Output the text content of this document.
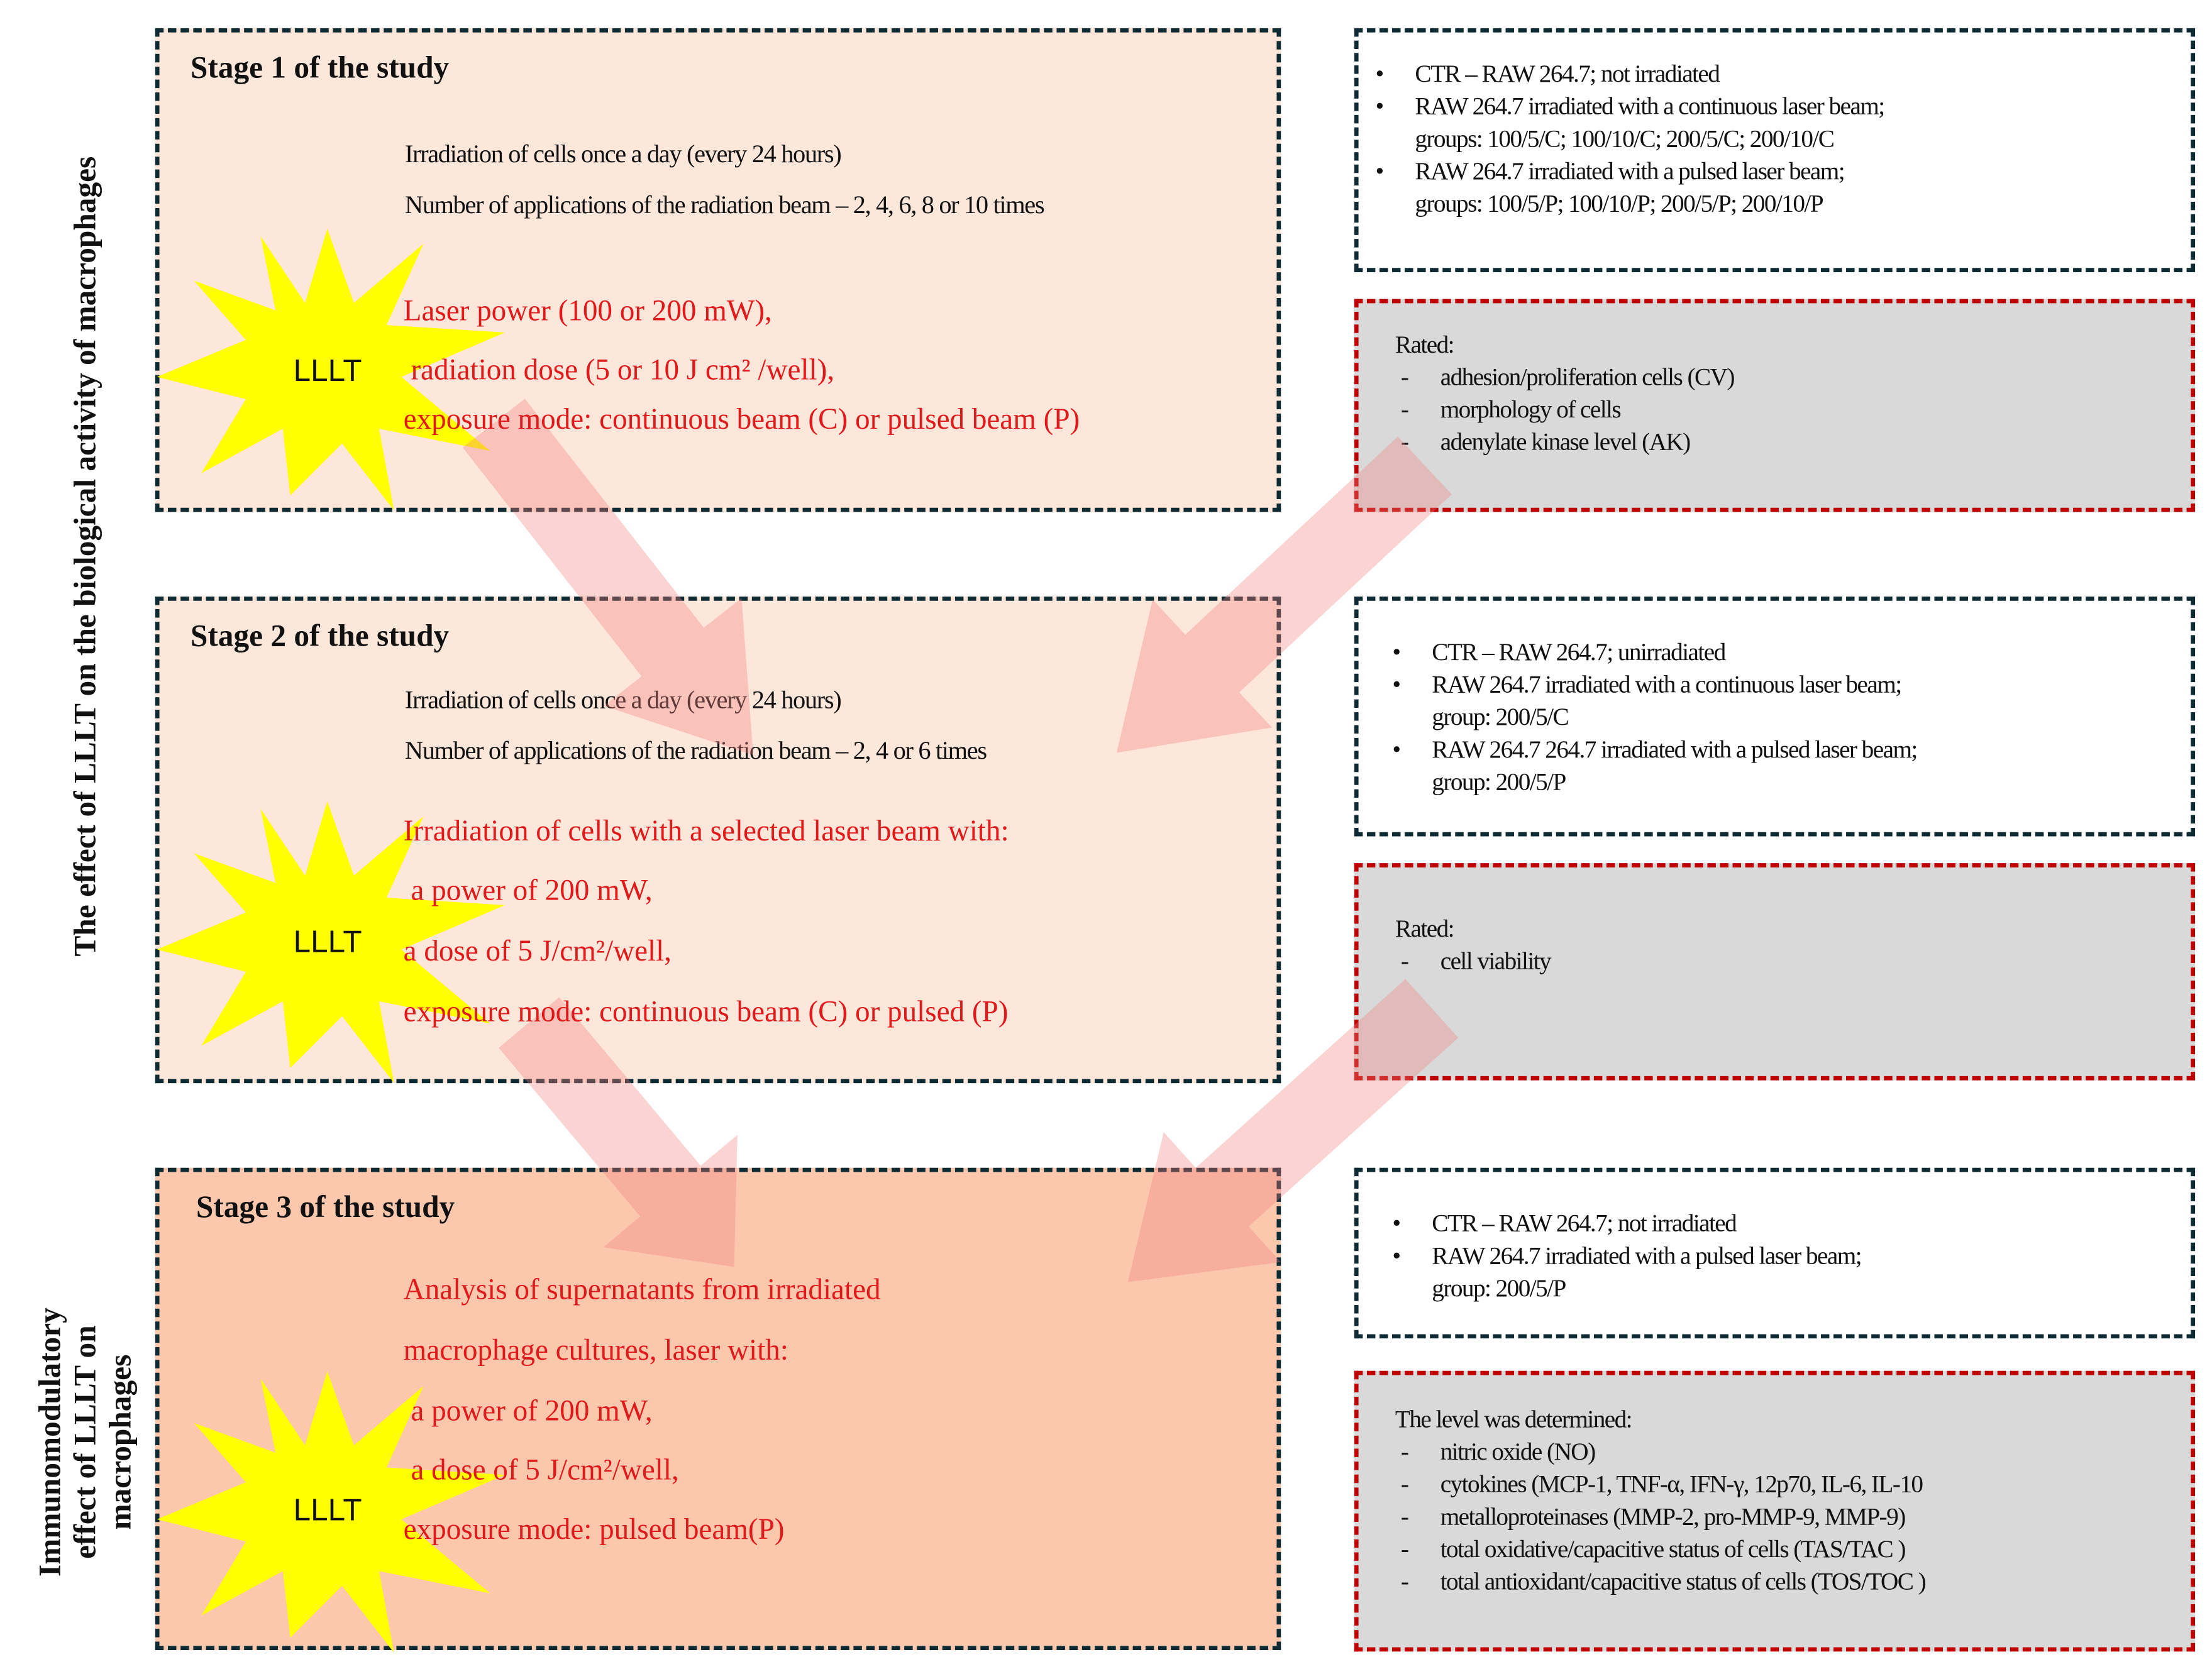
The effect of LLLT on the biological activity of macrophages
Immunomodulatory effect of LLLT on macrophages
Stage 1 of the study
Irradiation of cells once a day (every 24 hours)
Number of applications of the radiation beam – 2, 4, 6, 8 or 10 times
Stage 2 of the study
Irradiation of cells once a day (every 24 hours)
Number of applications of the radiation beam – 2, 4 or 6 times
Stage 3 of the study
•	CTR – RAW 264.7; not irradiated
•	RAW 264.7 irradiated with a continuous laser beam;
groups: 100/5/C; 100/10/C; 200/5/C; 200/10/C
•	RAW 264.7 irradiated with a pulsed laser beam;
groups: 100/5/P; 100/10/P; 200/5/P; 200/10/P
Rated:
-	adhesion/proliferation cells (CV)
-	morphology of cells
-	adenylate kinase level (AK)
•	CTR – RAW 264.7; unirradiated
•	RAW 264.7 irradiated with a continuous laser beam;
group: 200/5/C
•	RAW 264.7 264.7 irradiated with a pulsed laser beam;
group: 200/5/P
Rated:
-	cell viability
•	CTR – RAW 264.7; not irradiated
•	RAW 264.7 irradiated with a pulsed laser beam;
group: 200/5/P
The level was determined:
-	nitric oxide (NO)
-	cytokines (MCP-1, TNF-α, IFN-γ, 12p70, IL-6, IL-10
-	metalloproteinases (MMP-2, pro-MMP-9, MMP-9)
-	total oxidative/capacitive status of cells (TAS/TAC )
-	total antioxidant/capacitive status of cells (TOS/TOC )
LLLT
LLLT
LLLT
Laser power (100 or 200 mW),
radiation dose (5 or 10 J cm² /well),
exposure mode: continuous beam (C) or pulsed beam (P)
Irradiation of cells with a selected laser beam with:
a power of 200 mW,
a dose of 5 J/cm²/well,
exposure mode: continuous beam (C) or pulsed (P)
Analysis of supernatants from irradiated
macrophage cultures, laser with:
a power of 200 mW,
a dose of 5 J/cm²/well,
exposure mode: pulsed beam(P)
